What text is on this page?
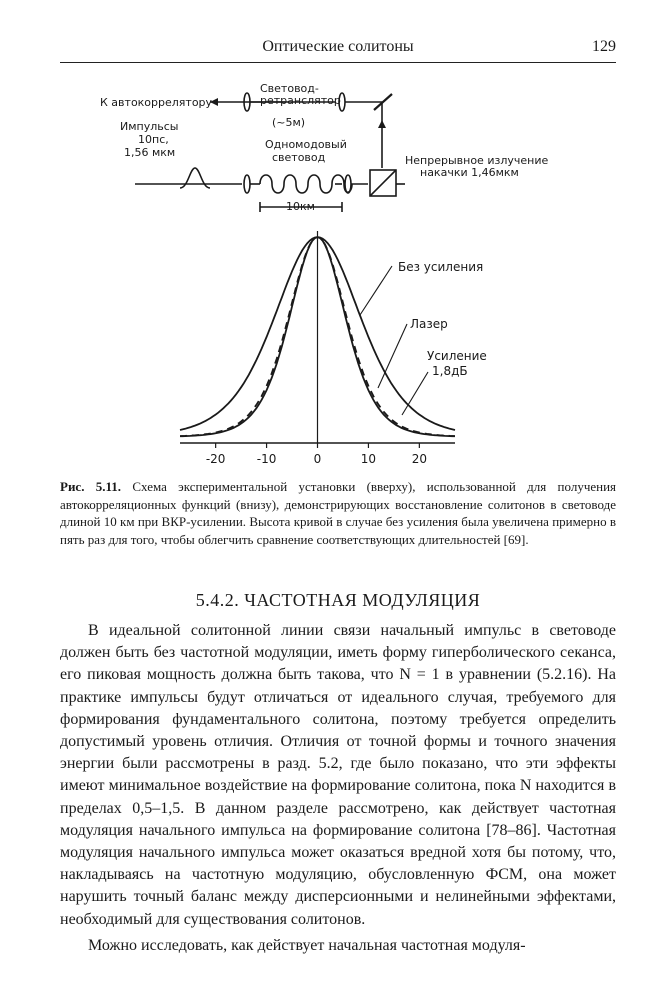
Оптические солитоны	129
К автокоррелятору
Световод-
ретранслятор
(~5м)
Импульсы
10пс,
1,56 мкм
Одномодовый
световод
10км
Непрерывное излучение
накачки 1,46мкм
-20	-10	0	10	20
Без усиления
Лазер
Усиление
1,8дБ
Рис. 5.11. Схема экспериментальной установки (вверху), использованной для получения автокорреляционных функций (внизу), демонстрирующих восстановление солитонов в световоде длиной 10 км при ВКР-усилении. Высота кривой в случае без усиления была увеличена примерно в пять раз для того, чтобы облегчить сравнение соответствующих длительностей [69].
5.4.2. ЧАСТОТНАЯ МОДУЛЯЦИЯ

В идеальной солитонной линии связи начальный импульс в световоде должен быть без частотной модуляции, иметь форму гиперболического секанса, его пиковая мощность должна быть такова, что N = 1 в уравнении (5.2.16). На практике импульсы будут отличаться от идеального случая, требуемого для формирования фундаментального солитона, поэтому требуется определить допустимый уровень отличия. Отличия от точной формы и точного значения энергии были рассмотрены в разд. 5.2, где было показано, что эти эффекты имеют минимальное воздействие на формирование солитона, пока N находится в пределах 0,5–1,5. В данном разделе рассмотрено, как действует частотная модуляция начального импульса на формирование солитона [78–86]. Частотная модуляция начального импульса может оказаться вредной хотя бы потому, что, накладываясь на частотную модуляцию, обусловленную ФСМ, она может нарушить точный баланс между дисперсионными и нелинейными эффектами, необходимый для существования солитонов.

Можно исследовать, как действует начальная частотная модуля-
